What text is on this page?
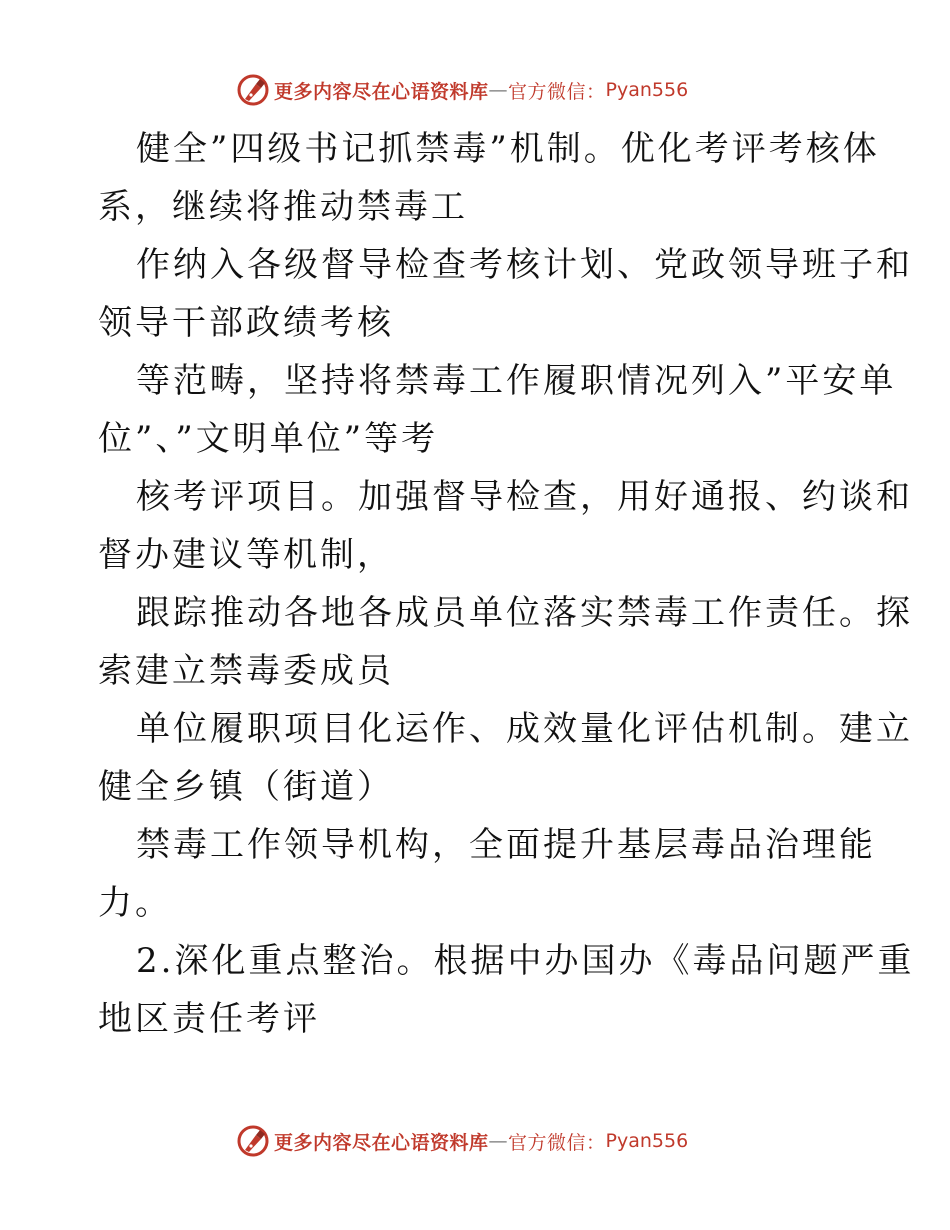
更多内容尽在心语资料库 — 官方微信： Pyan556
健全”四级书记抓禁毒”机制。优化考评考核体
系，继续将推动禁毒工
作纳入各级督导检查考核计划、党政领导班子和
领导干部政绩考核
等范畴，坚持将禁毒工作履职情况列入”平安单
位”、”文明单位”等考
核考评项目。加强督导检查，用好通报、约谈和
督办建议等机制，
跟踪推动各地各成员单位落实禁毒工作责任。探
索建立禁毒委成员
单位履职项目化运作、成效量化评估机制。建立
健全乡镇（街道）
禁毒工作领导机构，全面提升基层毒品治理能
力。
2.深化重点整治。根据中办国办《毒品问题严重
地区责任考评
更多内容尽在心语资料库 — 官方微信： Pyan556
